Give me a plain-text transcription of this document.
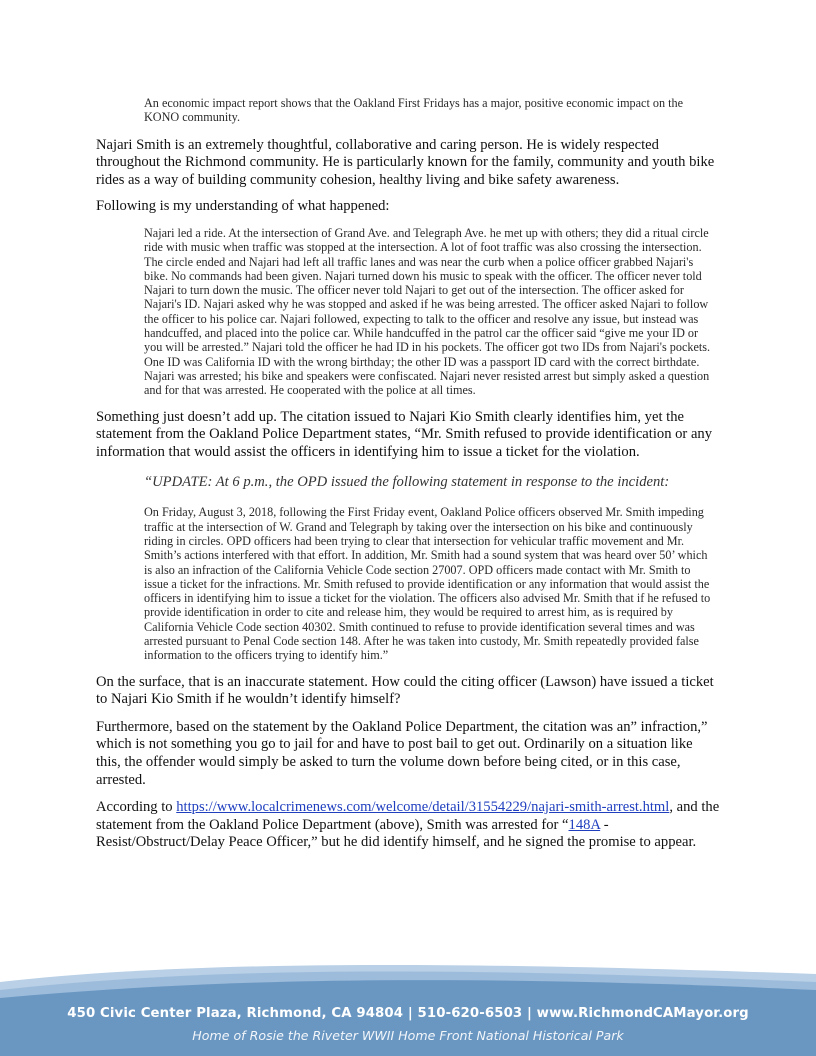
An economic impact report shows that the Oakland First Fridays has a major, positive economic impact on the KONO community.

Najari Smith is an extremely thoughtful, collaborative and caring person. He is widely respected throughout the Richmond community. He is particularly known for the family, community and youth bike rides as a way of building community cohesion, healthy living and bike safety awareness.

Following is my understanding of what happened:

Najari led a ride. At the intersection of Grand Ave. and Telegraph Ave. he met up with others; they did a ritual circle ride with music when traffic was stopped at the intersection. A lot of foot traffic was also crossing the intersection. The circle ended and Najari had left all traffic lanes and was near the curb when a police officer grabbed Najari's bike. No commands had been given. Najari turned down his music to speak with the officer. The officer never told Najari to turn down the music. The officer never told Najari to get out of the intersection. The officer asked for Najari's ID. Najari asked why he was stopped and asked if he was being arrested. The officer asked Najari to follow the officer to his police car. Najari followed, expecting to talk to the officer and resolve any issue, but instead was handcuffed, and placed into the police car. While handcuffed in the patrol car the officer said “give me your ID or you will be arrested.” Najari told the officer he had ID in his pockets. The officer got two IDs from Najari's pockets. One ID was California ID with the wrong birthday; the other ID was a passport ID card with the correct birthdate. Najari was arrested; his bike and speakers were confiscated. Najari never resisted arrest but simply asked a question and for that was arrested. He cooperated with the police at all times.

Something just doesn’t add up. The citation issued to Najari Kio Smith clearly identifies him, yet the statement from the Oakland Police Department states, “Mr. Smith refused to provide identification or any information that would assist the officers in identifying him to issue a ticket for the violation.

“UPDATE: At 6 p.m., the OPD issued the following statement in response to the incident:

On Friday, August 3, 2018, following the First Friday event, Oakland Police officers observed Mr. Smith impeding traffic at the intersection of W. Grand and Telegraph by taking over the intersection on his bike and continuously riding in circles. OPD officers had been trying to clear that intersection for vehicular traffic movement and Mr. Smith’s actions interfered with that effort. In addition, Mr. Smith had a sound system that was heard over 50’ which is also an infraction of the California Vehicle Code section 27007. OPD officers made contact with Mr. Smith to issue a ticket for the infractions. Mr. Smith refused to provide identification or any information that would assist the officers in identifying him to issue a ticket for the violation. The officers also advised Mr. Smith that if he refused to provide identification in order to cite and release him, they would be required to arrest him, as is required by California Vehicle Code section 40302. Smith continued to refuse to provide identification several times and was arrested pursuant to Penal Code section 148. After he was taken into custody, Mr. Smith repeatedly provided false information to the officers trying to identify him.”

On the surface, that is an inaccurate statement. How could the citing officer (Lawson) have issued a ticket to Najari Kio Smith if he wouldn’t identify himself?

Furthermore, based on the statement by the Oakland Police Department, the citation was an” infraction,” which is not something you go to jail for and have to post bail to get out. Ordinarily on a situation like this, the offender would simply be asked to turn the volume down before being cited, or in this case, arrested.

According to https://www.localcrimenews.com/welcome/detail/31554229/najari-smith-arrest.html, and the statement from the Oakland Police Department (above), Smith was arrested for “148A - Resist/Obstruct/Delay Peace Officer,” but he did identify himself, and he signed the promise to appear.

450 Civic Center Plaza, Richmond, CA 94804 | 510-620-6503 | www.RichmondCAMayor.org
Home of Rosie the Riveter WWII Home Front National Historical Park
